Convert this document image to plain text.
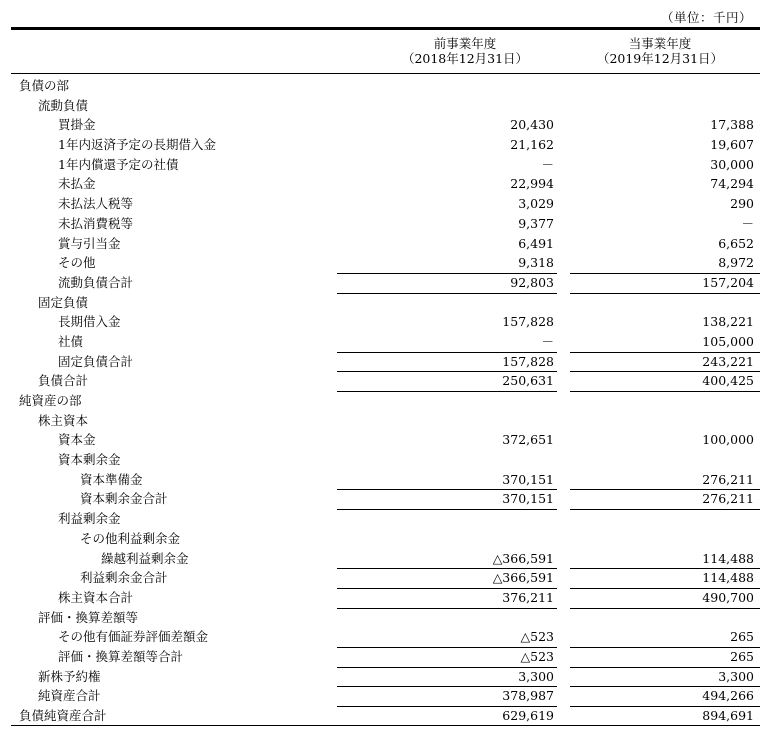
（単位：千円）
前事業年度
（2018年12月31日）
当事業年度
（2019年12月31日）
負債の部
流動負債
買掛金	20,430	17,388
1年内返済予定の長期借入金	21,162	19,607
1年内償還予定の社債	－	30,000
未払金	22,994	74,294
未払法人税等	3,029	290
未払消費税等	9,377	－
賞与引当金	6,491	6,652
その他	9,318	8,972
流動負債合計	92,803	157,204
固定負債
長期借入金	157,828	138,221
社債	－	105,000
固定負債合計	157,828	243,221
負債合計	250,631	400,425
純資産の部
株主資本
資本金	372,651	100,000
資本剰余金
資本準備金	370,151	276,211
資本剰余金合計	370,151	276,211
利益剰余金
その他利益剰余金
繰越利益剰余金	△366,591	114,488
利益剰余金合計	△366,591	114,488
株主資本合計	376,211	490,700
評価・換算差額等
その他有価証券評価差額金	△523	265
評価・換算差額等合計	△523	265
新株予約権	3,300	3,300
純資産合計	378,987	494,266
負債純資産合計	629,619	894,691
